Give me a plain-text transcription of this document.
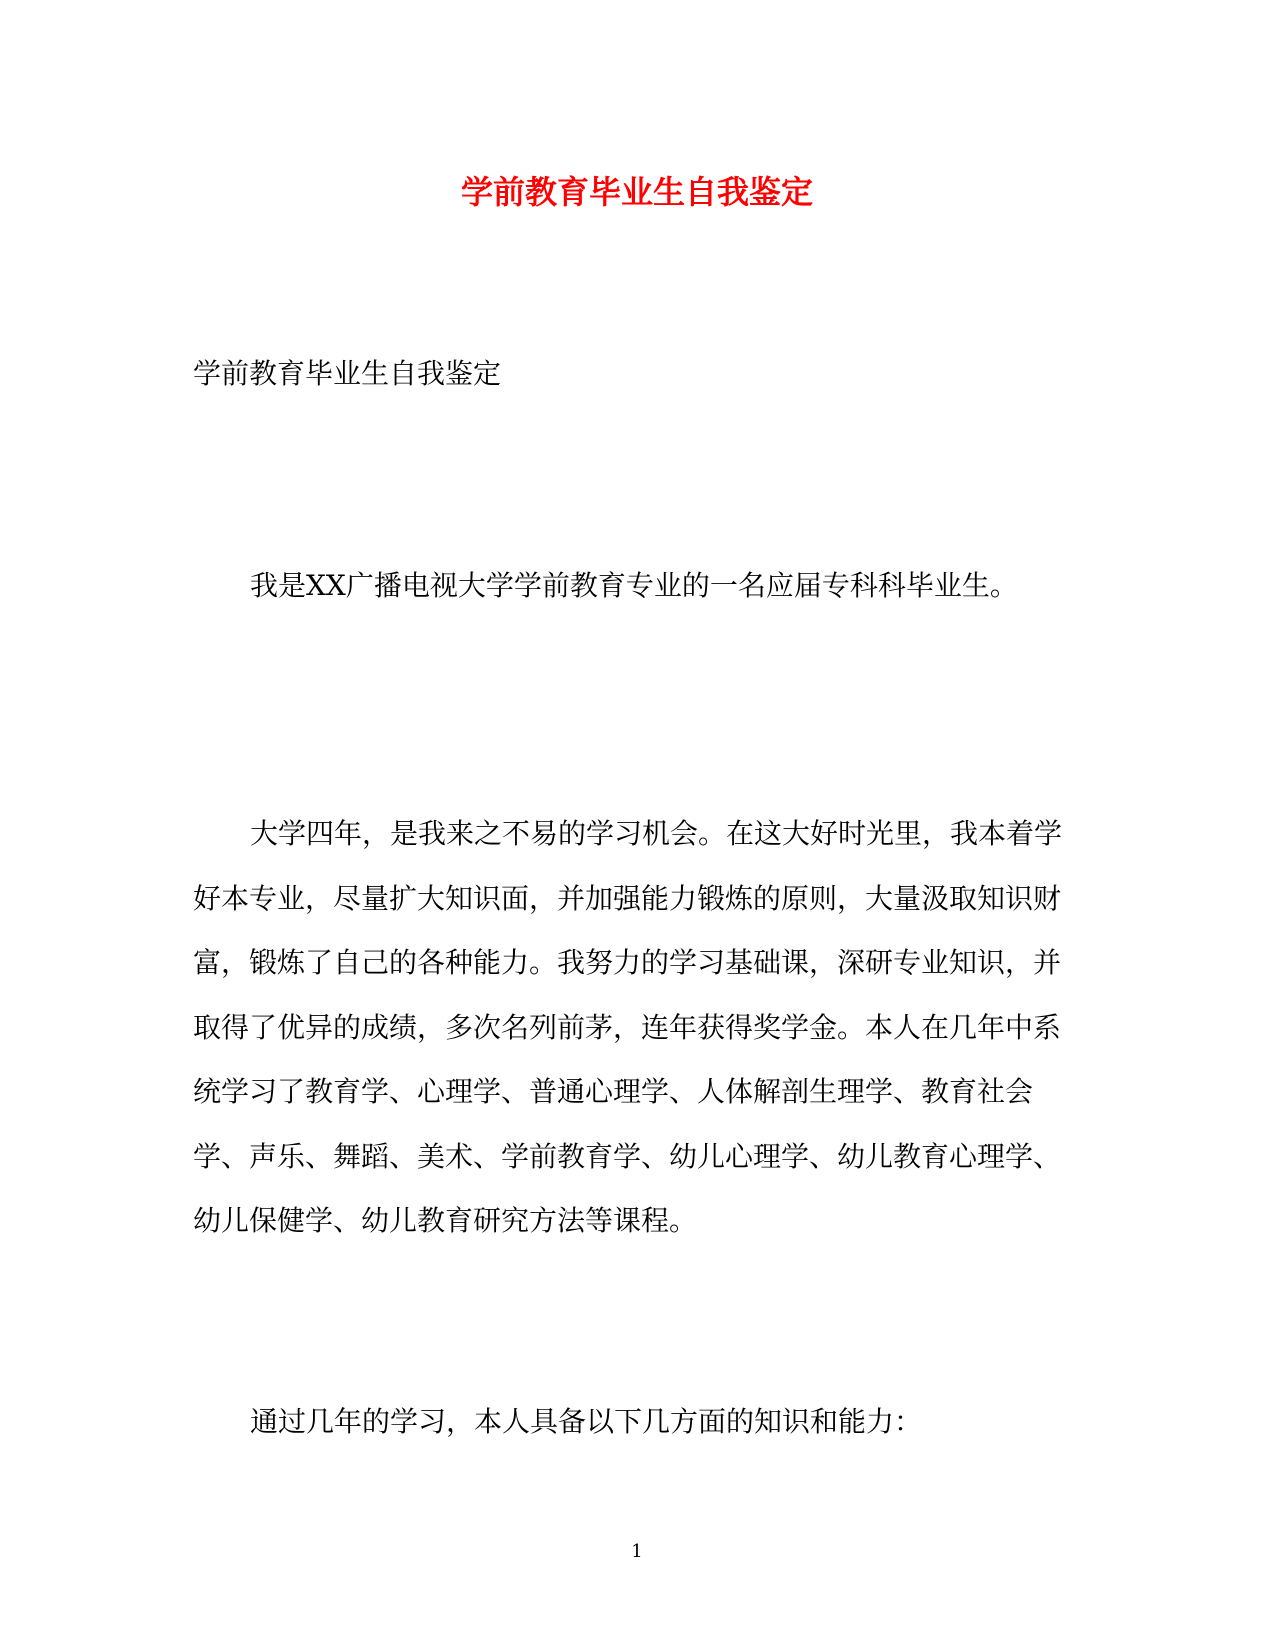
学前教育毕业生自我鉴定
学前教育毕业生自我鉴定

我是XX广播电视大学学前教育专业的一名应届专科科毕业生。

大学四年，是我来之不易的学习机会。在这大好时光里，我本着学好本专业，尽量扩大知识面，并加强能力锻炼的原则，大量汲取知识财富，锻炼了自己的各种能力。我努力的学习基础课，深研专业知识，并取得了优异的成绩，多次名列前茅，连年获得奖学金。本人在几年中系统学习了教育学、心理学、普通心理学、人体解剖生理学、教育社会学、声乐、舞蹈、美术、学前教育学、幼儿心理学、幼儿教育心理学、幼儿保健学、幼儿教育研究方法等课程。

通过几年的学习，本人具备以下几方面的知识和能力：

1
